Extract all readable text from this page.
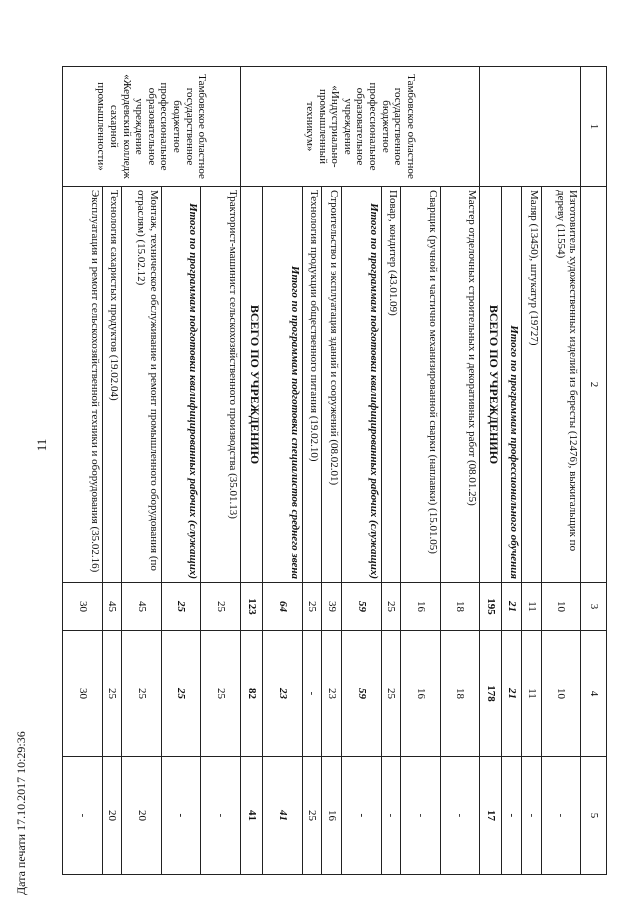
11
1	2	3	4	5
	Изготовитель художественных изделий из бересты (12476), выжигальщик по дереву (11554)	10	10	-
	Маляр (13450), штукатур (19727)	11	11	-
	Итого по программам профессионального обучения	21	21	-
	ВСЕГО ПО УЧРЕЖДЕНИЮ	195	178	17
Тамбовское областное государственное бюджетное профессиональное образовательное учреждение «Индустриально-промышленный техникум»	Мастер отделочных строительных и декоративных работ (08.01.25)	18	18	-
	Сварщик (ручной и частично механизированной сварки (наплавки) (15.01.05)	16	16	-
	Повар, кондитер (43.01.09)	25	25	-
	Итого по программам подготовки квалифицированных рабочих (служащих)	59	59	-
	Строительство и эксплуатация зданий и сооружений (08.02.01)	39	23	16
	Технология продукции общественного питания (19.02.10)	25	-	25
	Итого по программам подготовки специалистов среднего звена	64	23	41
	ВСЕГО ПО УЧРЕЖДЕНИЮ	123	82	41
Тамбовское областное государственное бюджетное профессиональное образовательное учреждение «Жердевский колледж сахарной промышленности»	Тракторист-машинист сельскохозяйственного производства (35.01.13)	25	25	-
	Итого по программам подготовки квалифицированных рабочих (служащих)	25	25	-
	Монтаж, техническое обслуживание и ремонт промышленного оборудования (по отраслям) (15.02.12)	45	25	20
	Технология сахаристых продуктов (19.02.04)	45	25	20
	Эксплуатация и ремонт сельскохозяйственной техники и оборудования (35.02.16)	30	30	-
Дата печати 17.10.2017 10:29:36
